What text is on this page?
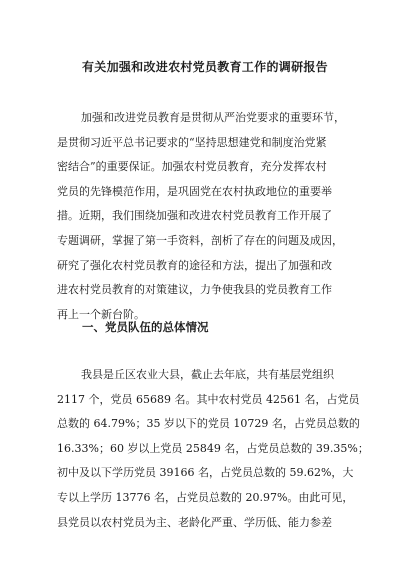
有关加强和改进农村党员教育工作的调研报告
加强和改进党员教育是贯彻从严治党要求的重要环节，
是贯彻习近平总书记要求的“坚持思想建党和制度治党紧
密结合”的重要保证。加强农村党员教育，充分发挥农村
党员的先锋模范作用，是巩固党在农村执政地位的重要举
措。近期，我们围绕加强和改进农村党员教育工作开展了
专题调研，掌握了第一手资料，剖析了存在的问题及成因，
研究了强化农村党员教育的途径和方法，提出了加强和改
进农村党员教育的对策建议，力争使我县的党员教育工作
再上一个新台阶。
一、党员队伍的总体情况
我县是丘区农业大县，截止去年底，共有基层党组织
2117 个，党员 65689 名。其中农村党员 42561 名，占党员
总数的 64.79%；35 岁以下的党员 10729 名，占党员总数的
16.33%；60 岁以上党员 25849 名，占党员总数的 39.35%；
初中及以下学历党员 39166 名，占党员总数的 59.62%，大
专以上学历 13776 名，占党员总数的 20.97%。由此可见，
县党员以农村党员为主、老龄化严重、学历低、能力参差
